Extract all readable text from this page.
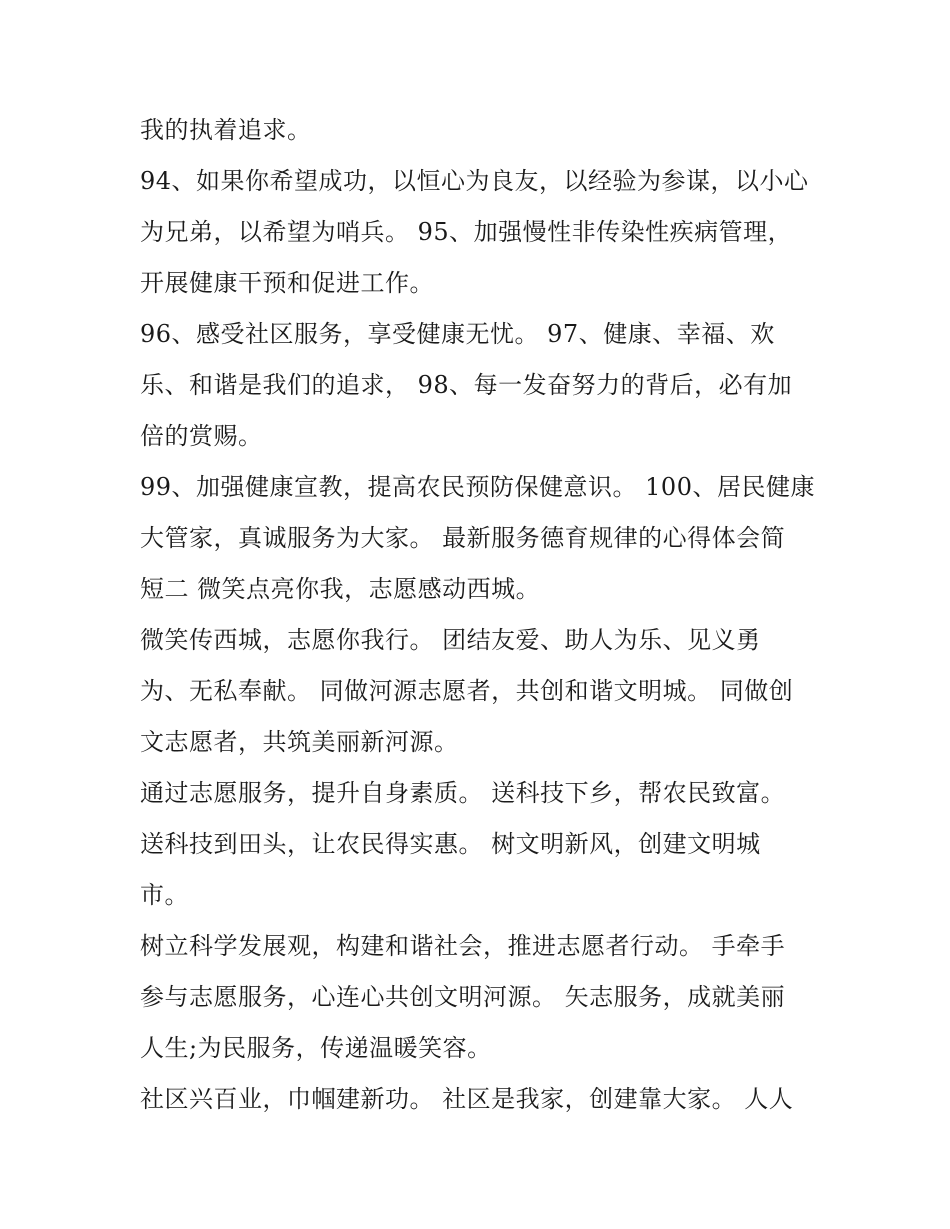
我的执着追求。
94、如果你希望成功，以恒心为良友，以经验为参谋，以小心
为兄弟，以希望为哨兵。 95、加强慢性非传染性疾病管理，
开展健康干预和促进工作。
96、感受社区服务，享受健康无忧。 97、健康、幸福、欢
乐、和谐是我们的追求， 98、每一发奋努力的背后，必有加
倍的赏赐。
99、加强健康宣教，提高农民预防保健意识。 100、居民健康
大管家，真诚服务为大家。 最新服务德育规律的心得体会简
短二 微笑点亮你我，志愿感动西城。
微笑传西城，志愿你我行。 团结友爱、助人为乐、见义勇
为、无私奉献。 同做河源志愿者，共创和谐文明城。 同做创
文志愿者，共筑美丽新河源。
通过志愿服务，提升自身素质。 送科技下乡，帮农民致富。
送科技到田头，让农民得实惠。 树文明新风，创建文明城
市。
树立科学发展观，构建和谐社会，推进志愿者行动。 手牵手
参与志愿服务，心连心共创文明河源。 矢志服务，成就美丽
人生;为民服务，传递温暖笑容。
社区兴百业，巾帼建新功。 社区是我家，创建靠大家。 人人
